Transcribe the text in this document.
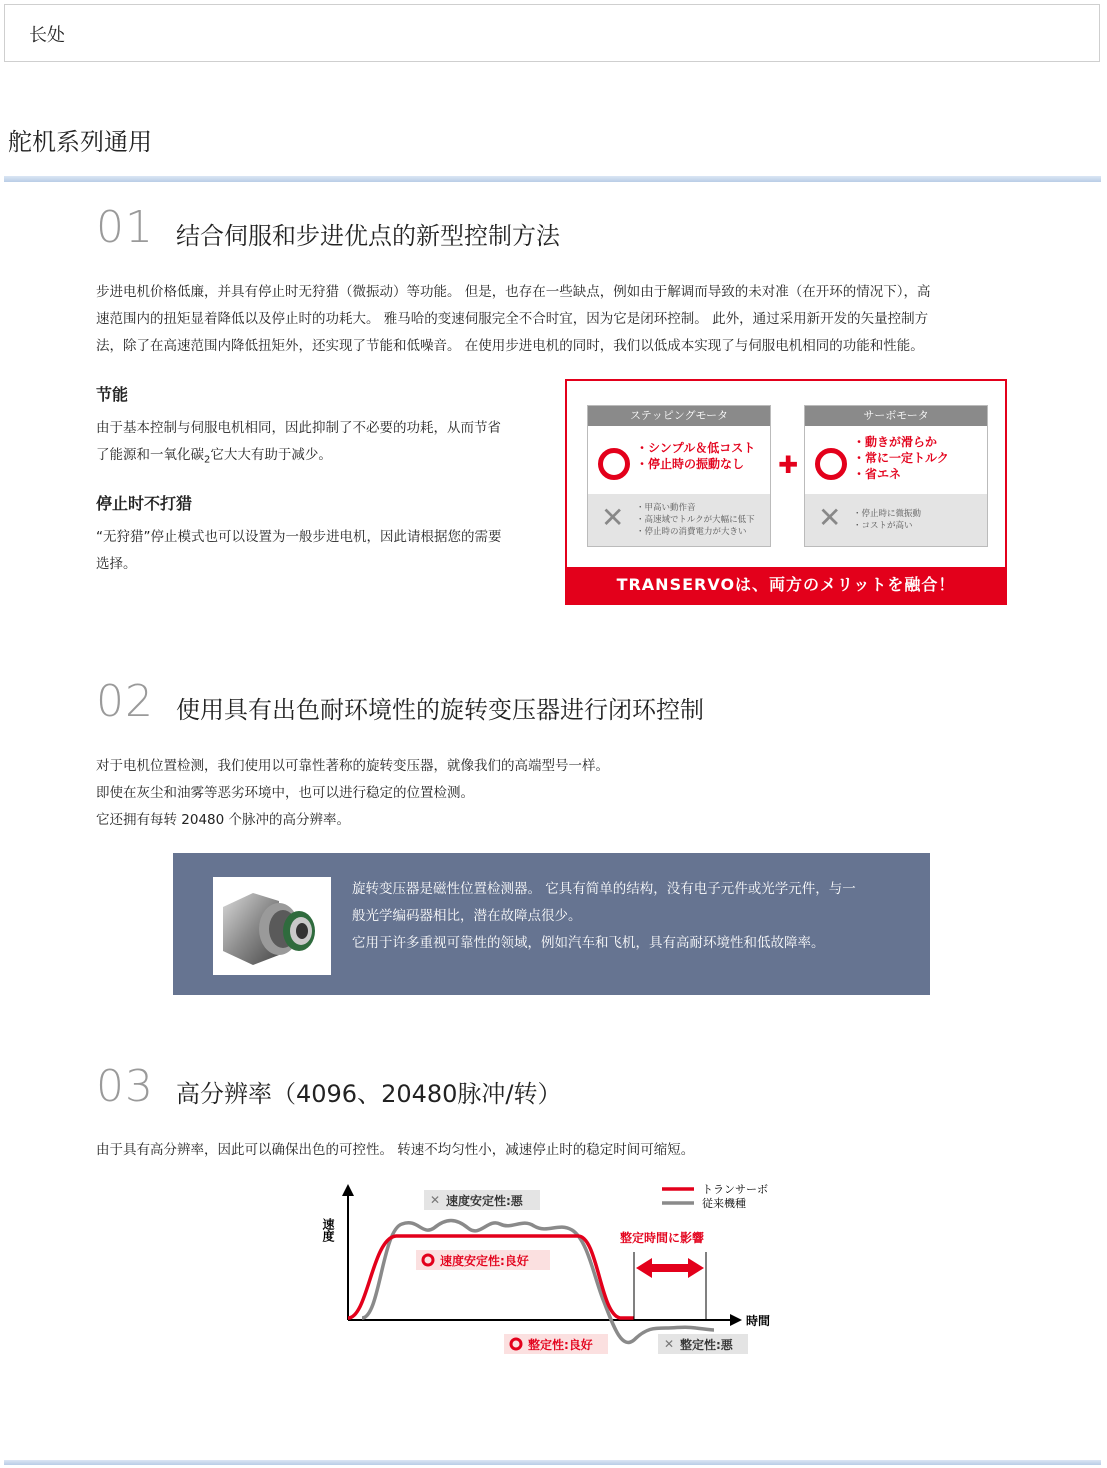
长处
舵机系列通用
01 结合伺服和步进优点的新型控制方法
步进电机价格低廉，并具有停止时无狩猎（微振动）等功能。 但是，也存在一些缺点，例如由于解调而导致的未对准（在开环的情况下），高
速范围内的扭矩显着降低以及停止时的功耗大。 雅马哈的变速伺服完全不合时宜，因为它是闭环控制。 此外，通过采用新开发的矢量控制方
法，除了在高速范围内降低扭矩外，还实现了节能和低噪音。 在使用步进电机的同时，我们以低成本实现了与伺服电机相同的功能和性能。
节能
由于基本控制与伺服电机相同，因此抑制了不必要的功耗，从而节省
了能源和一氧化碳$_2$它大大有助于减少。
停止时不打猎
“无狩猎”停止模式也可以设置为一般步进电机，因此请根据您的需要
选择。
ステッピングモータ
・シンプル＆低コスト
・停止時の振動なし
✕ ・甲高い動作音
・高速域でトルクが大幅に低下
・停止時の消費電力が大きい
✚
サーボモータ
・動きが滑らか
・常に一定トルク
・省エネ
✕ ・停止時に微振動
・コストが高い
TRANSERVOは、両方のメリットを融合！
02 使用具有出色耐环境性的旋转变压器进行闭环控制
对于电机位置检测，我们使用以可靠性著称的旋转变压器，就像我们的高端型号一样。
即使在灰尘和油雾等恶劣环境中，也可以进行稳定的位置检测。
它还拥有每转 20480 个脉冲的高分辨率。
旋转变压器是磁性位置检测器。 它具有简单的结构，没有电子元件或光学元件，与一
般光学编码器相比，潜在故障点很少。
它用于许多重视可靠性的领域，例如汽车和飞机，具有高耐环境性和低故障率。
03 高分辨率（4096、20480脉冲/转）
由于具有高分辨率，因此可以确保出色的可控性。 转速不均匀性小，减速停止时的稳定时间可缩短。
速度
時間
整定時間に影響
トランサーボ
従来機種
✕ 速度安定性:悪
速度安定性:良好
整定性:良好	✕ 整定性:悪
